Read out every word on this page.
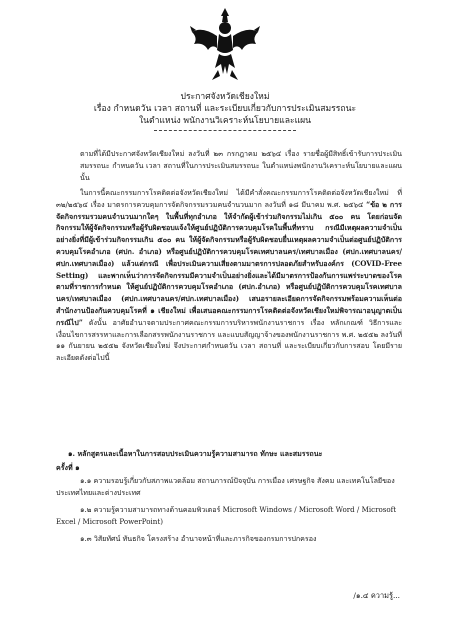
ประกาศจังหวัดเชียงใหม่
เรื่อง กำหนดวัน เวลา สถานที่ และระเบียบเกี่ยวกับการประเมินสมรรถนะ
ในตำแหน่ง พนักงานวิเคราะห์นโยบายและแผน

ตามที่ได้มีประกาศจังหวัดเชียงใหม่ ลงวันที่ ๒๓ กรกฎาคม ๒๕๖๔ เรื่อง รายชื่อผู้มีสิทธิ์เข้ารับการประเมินสมรรถนะ กำหนดวัน เวลา สถานที่ในการประเมินสมรรถนะ ในตำแหน่งพนักงานวิเคราะห์นโยบายและแผน นั้น

ในการนี้คณะกรรมการโรคติดต่อจังหวัดเชียงใหม่ ได้มีคำสั่งคณะกรรมการโรคติดต่อจังหวัดเชียงใหม่ ที่ ๓๒/๒๕๖๔ เรื่อง มาตรการควบคุมการจัดกิจกรรมรวมคนจำนวนมาก ลงวันที่ ๑๘ มีนาคม พ.ศ. ๒๕๖๔ “ข้อ ๒ การจัดกิจกรรมรวมคนจำนวนมากใดๆ ในพื้นที่ทุกอำเภอ ให้จำกัดผู้เข้าร่วมกิจกรรมไม่เกิน ๕๐๐ คน โดยก่อนจัดกิจกรรมให้ผู้จัดกิจกรรมหรือผู้รับผิดชอบแจ้งให้ศูนย์ปฏิบัติการควบคุมโรคในพื้นที่ทราบ กรณีมีเหตุผลความจำเป็นอย่างยิ่งที่มีผู้เข้าร่วมกิจกรรมเกิน ๕๐๐ คน ให้ผู้จัดกิจกรรมหรือผู้รับผิดชอบยื่นเหตุผลความจำเป็นต่อศูนย์ปฏิบัติการควบคุมโรคอำเภอ (ศปก. อำเภอ) หรือศูนย์ปฏิบัติการควบคุมโรคเทศบาลนคร/เทศบาลเมือง (ศปก.เทศบาลนคร/ศปก.เทศบาลเมือง) แล้วแต่กรณี เพื่อประเมินความเสี่ยงตามมาตรการปลอดภัยสำหรับองค์กร (COVID-Free Setting) และพากเห็นว่าการจัดกิจกรรมมีความจำเป็นอย่างยิ่งและได้มีมาตรการป้องกันการแพร่ระบาดของโรคตามที่ราชการกำหนด ให้ศูนย์ปฏิบัติการควบคุมโรคอำเภอ (ศปก.อำเภอ) หรือศูนย์ปฏิบัติการควบคุมโรคเทศบาลนคร/เทศบาลเมือง (ศปก.เทศบาลนคร/ศปก.เทศบาลเมือง) เสนอรายละเอียดการจัดกิจกรรมพร้อมความเห็นต่อสำนักงานป้องกันควบคุมโรคที่ ๑ เชียงใหม่ เพื่อเสนอคณะกรรมการโรคติดต่อจังหวัดเชียงใหม่พิจารณาอนุญาตเป็นกรณีไป” ดังนั้น อาศัยอำนาจตามประกาศคณะกรรมการบริหารพนักงานราชการ เรื่อง หลักเกณฑ์ วิธีการและเงื่อนไขการสรรหาและการเลือกสรรพนักงานราชการ และแบบสัญญาจ้างของพนักงานราชการ พ.ศ. ๒๕๕๒ ลงวันที่ ๑๑ กันยายน ๒๕๕๒ จังหวัดเชียงใหม่ จึงประกาศกำหนดวัน เวลา สถานที่ และระเบียบเกี่ยวกับการสอบ โดยมีรายละเอียดดังต่อไปนี้

๑. หลักสูตรและเนื้อหาในการสอบประเมินความรู้ความสามารถ ทักษะ และสมรรถนะ

ครั้งที่ ๑

๑.๑ ความรอบรู้เกี่ยวกับสภาพแวดล้อม สถานการณ์ปัจจุบัน การเมือง เศรษฐกิจ สังคม และเทคโนโลยีของประเทศไทยและต่างประเทศ

๑.๒ ความรู้ความสามารถทางด้านคอมพิวเตอร์ Microsoft Windows / Microsoft Word / Microsoft Excel / Microsoft PowerPoint)

๑.๓ วิสัยทัศน์ ทันธกิจ โครงสร้าง อำนาจหน้าที่และภารกิจของกรมการปกครอง

/๑.๔ ความรู้...
